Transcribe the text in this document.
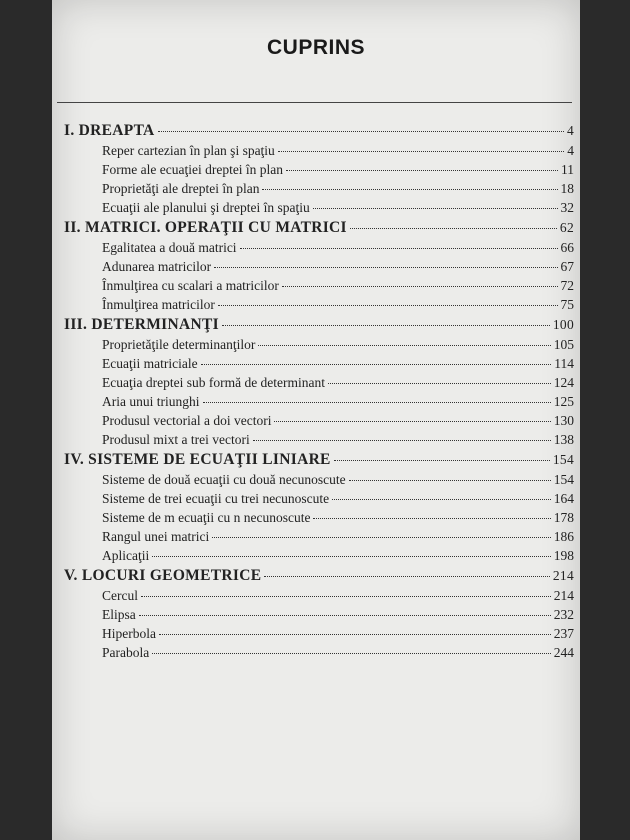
CUPRINS
I. DREAPTA	4
Reper cartezian în plan şi spaţiu	4
Forme ale ecuaţiei dreptei în plan	11
Proprietăţi ale dreptei în plan	18
Ecuaţii ale planului şi dreptei în spaţiu	32
II. MATRICI. OPERAŢII CU MATRICI	62
Egalitatea a două matrici	66
Adunarea matricilor	67
Înmulţirea cu scalari a matricilor	72
Înmulţirea matricilor	75
III. DETERMINANŢI	100
Proprietăţile determinanţilor	105
Ecuaţii matriciale	114
Ecuaţia dreptei sub formă de determinant	124
Aria unui triunghi	125
Produsul vectorial a doi vectori	130
Produsul mixt a trei vectori	138
IV. SISTEME DE ECUAŢII LINIARE	154
Sisteme de două ecuaţii cu două necunoscute	154
Sisteme de trei ecuaţii cu trei necunoscute	164
Sisteme de m ecuaţii cu n necunoscute	178
Rangul unei matrici	186
Aplicaţii	198
V. LOCURI GEOMETRICE	214
Cercul	214
Elipsa	232
Hiperbola	237
Parabola	244
